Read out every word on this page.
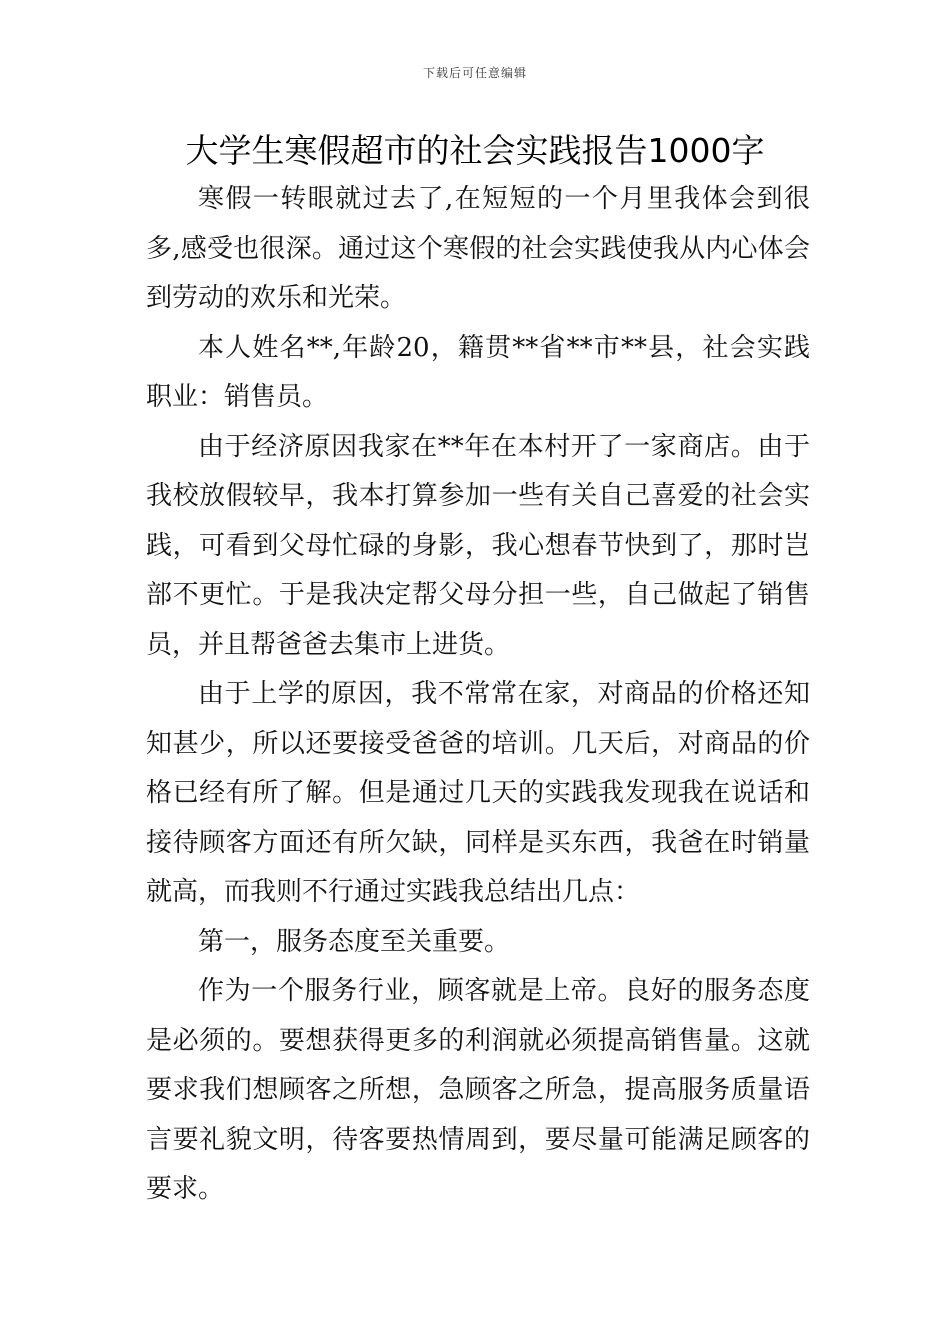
下载后可任意编辑
大学生寒假超市的社会实践报告1000字

寒假一转眼就过去了,在短短的一个月里我体会到很多,感受也很深。通过这个寒假的社会实践使我从内心体会到劳动的欢乐和光荣。

本人姓名**,年龄20，籍贯**省**市**县，社会实践职业：销售员。

由于经济原因我家在**年在本村开了一家商店。由于我校放假较早，我本打算参加一些有关自己喜爱的社会实践，可看到父母忙碌的身影，我心想春节快到了，那时岂部不更忙。于是我决定帮父母分担一些，自己做起了销售员，并且帮爸爸去集市上进货。

由于上学的原因，我不常常在家，对商品的价格还知知甚少，所以还要接受爸爸的培训。几天后，对商品的价格已经有所了解。但是通过几天的实践我发现我在说话和接待顾客方面还有所欠缺，同样是买东西，我爸在时销量就高，而我则不行通过实践我总结出几点：

第一，服务态度至关重要。

作为一个服务行业，顾客就是上帝。良好的服务态度是必须的。要想获得更多的利润就必须提高销售量。这就要求我们想顾客之所想，急顾客之所急，提高服务质量语言要礼貌文明，待客要热情周到，要尽量可能满足顾客的要求。
